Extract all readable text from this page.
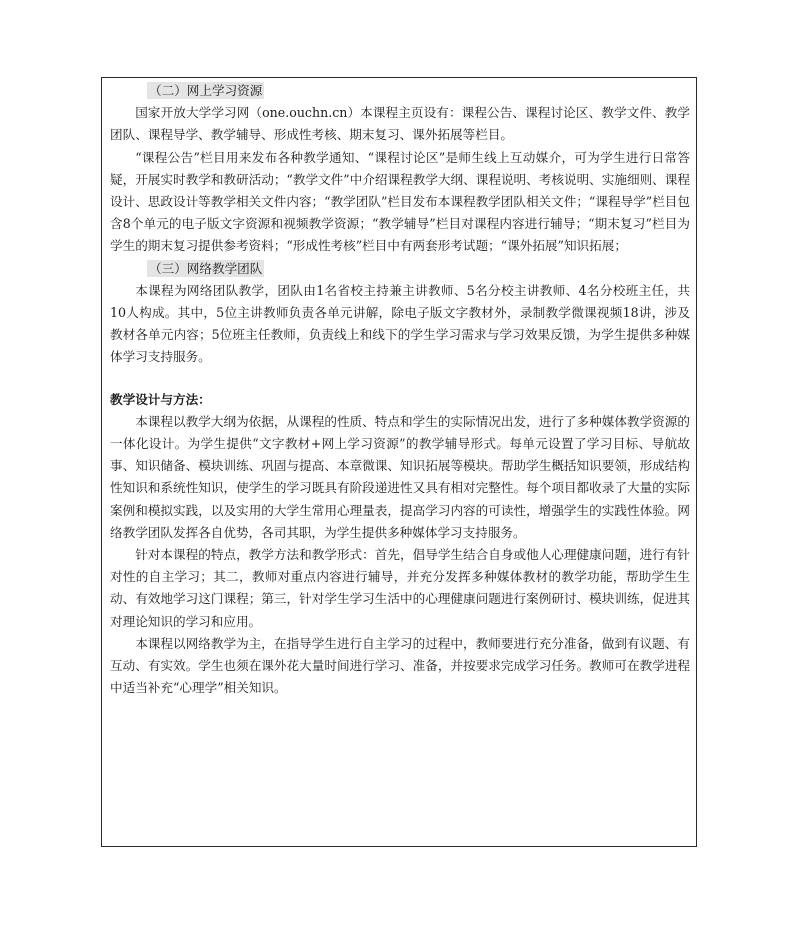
（二）网上学习资源

国家开放大学学习网（one.ouchn.cn）本课程主页设有：课程公告、课程讨论区、教学文件、教学团队、课程导学、教学辅导、形成性考核、期末复习、课外拓展等栏目。

“课程公告”栏目用来发布各种教学通知、“课程讨论区”是师生线上互动媒介，可为学生进行日常答疑，开展实时教学和教研活动；“教学文件”中介绍课程教学大纲、课程说明、考核说明、实施细则、课程设计、思政设计等教学相关文件内容；“教学团队”栏目发布本课程教学团队相关文件；“课程导学”栏目包含8个单元的电子版文字资源和视频教学资源；“教学辅导”栏目对课程内容进行辅导；“期末复习”栏目为学生的期末复习提供参考资料；“形成性考核”栏目中有两套形考试题；“课外拓展”知识拓展；

（三）网络教学团队

本课程为网络团队教学，团队由1名省校主持兼主讲教师、5名分校主讲教师、4名分校班主任，共10人构成。其中，5位主讲教师负责各单元讲解，除电子版文字教材外，录制教学微课视频18讲，涉及教材各单元内容；5位班主任教师，负责线上和线下的学生学习需求与学习效果反馈，为学生提供多种媒体学习支持服务。

教学设计与方法：

本课程以教学大纲为依据，从课程的性质、特点和学生的实际情况出发，进行了多种媒体教学资源的一体化设计。为学生提供“文字教材+网上学习资源”的教学辅导形式。每单元设置了学习目标、导航故事、知识储备、模块训练、巩固与提高、本章微课、知识拓展等模块。帮助学生概括知识要领，形成结构性知识和系统性知识，使学生的学习既具有阶段递进性又具有相对完整性。每个项目都收录了大量的实际案例和模拟实践，以及实用的大学生常用心理量表，提高学习内容的可读性，增强学生的实践性体验。网络教学团队发挥各自优势，各司其职，为学生提供多种媒体学习支持服务。

针对本课程的特点，教学方法和教学形式：首先，倡导学生结合自身或他人心理健康问题，进行有针对性的自主学习；其二，教师对重点内容进行辅导，并充分发挥多种媒体教材的教学功能，帮助学生生动、有效地学习这门课程；第三，针对学生学习生活中的心理健康问题进行案例研讨、模块训练，促进其对理论知识的学习和应用。

本课程以网络教学为主，在指导学生进行自主学习的过程中，教师要进行充分准备，做到有议题、有互动、有实效。学生也须在课外花大量时间进行学习、准备，并按要求完成学习任务。教师可在教学进程中适当补充“心理学”相关知识。
